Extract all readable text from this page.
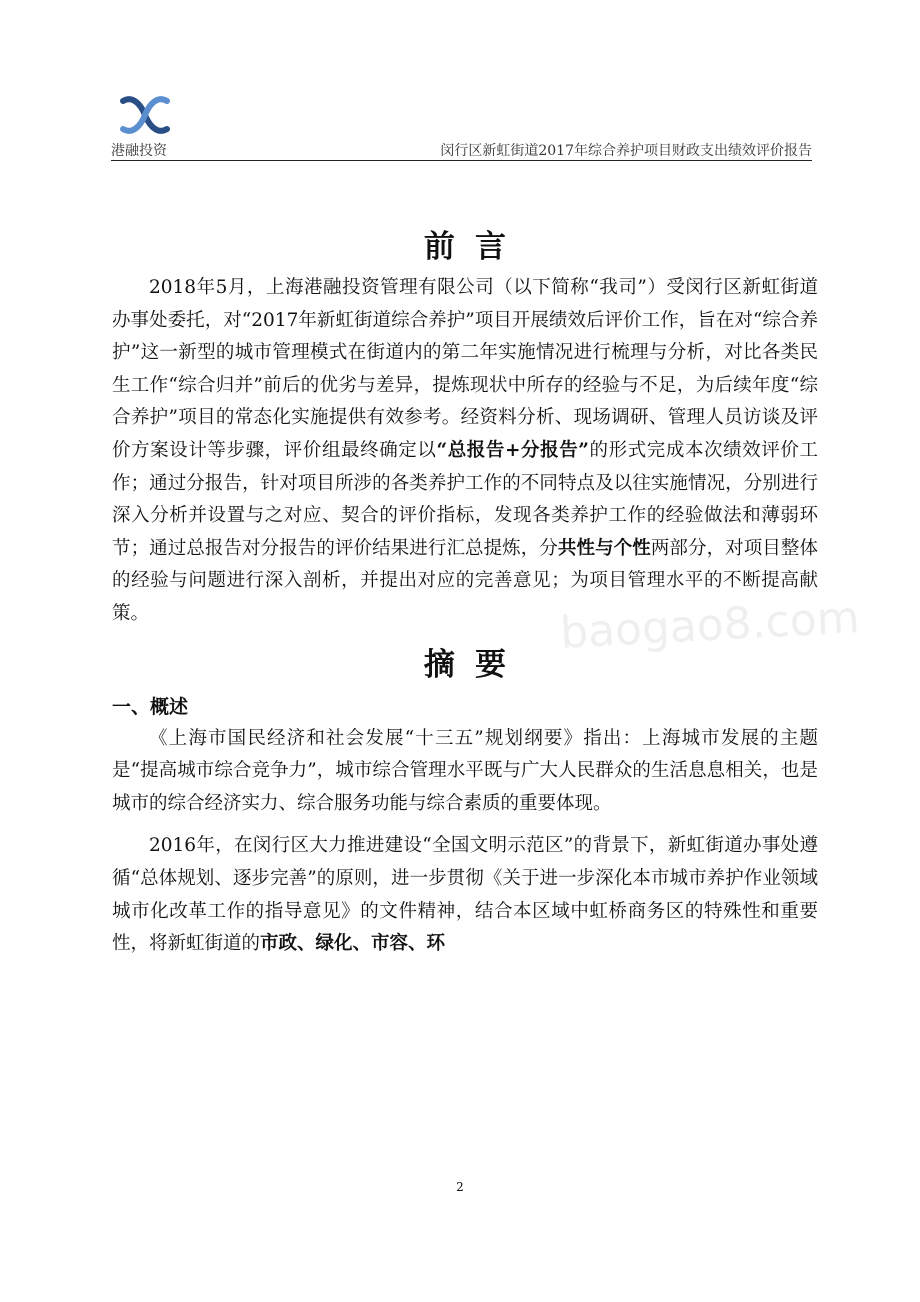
港融投资	闵行区新虹街道2017年综合养护项目财政支出绩效评价报告
baogao8.com
前言

2018年5月，上海港融投资管理有限公司（以下简称“我司”）受闵行区新虹街道办事处委托，对“2017年新虹街道综合养护”项目开展绩效后评价工作，旨在对“综合养护”这一新型的城市管理模式在街道内的第二年实施情况进行梳理与分析，对比各类民生工作“综合归并”前后的优劣与差异，提炼现状中所存的经验与不足，为后续年度“综合养护”项目的常态化实施提供有效参考。经资料分析、现场调研、管理人员访谈及评价方案设计等步骤，评价组最终确定以“总报告+分报告”的形式完成本次绩效评价工作；通过分报告，针对项目所涉的各类养护工作的不同特点及以往实施情况，分别进行深入分析并设置与之对应、契合的评价指标，发现各类养护工作的经验做法和薄弱环节；通过总报告对分报告的评价结果进行汇总提炼，分共性与个性两部分，对项目整体的经验与问题进行深入剖析，并提出对应的完善意见；为项目管理水平的不断提高献策。

摘要
一、概述

《上海市国民经济和社会发展“十三五”规划纲要》指出：上海城市发展的主题是“提高城市综合竞争力”，城市综合管理水平既与广大人民群众的生活息息相关，也是城市的综合经济实力、综合服务功能与综合素质的重要体现。

2016年，在闵行区大力推进建设“全国文明示范区”的背景下，新虹街道办事处遵循“总体规划、逐步完善”的原则，进一步贯彻《关于进一步深化本市城市养护作业领域城市化改革工作的指导意见》的文件精神，结合本区域中虹桥商务区的特殊性和重要性，将新虹街道的市政、绿化、市容、环

2
